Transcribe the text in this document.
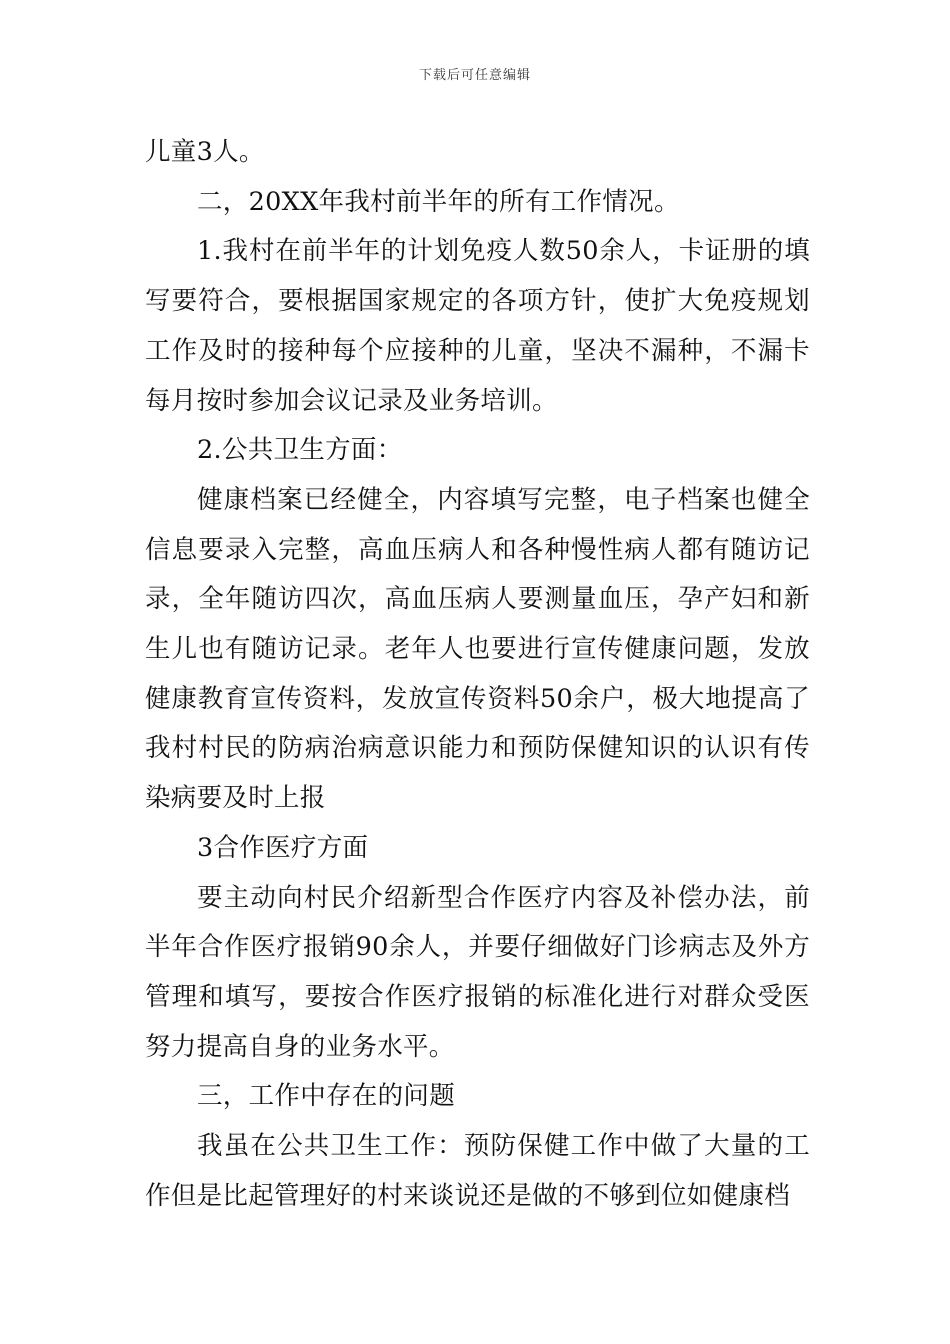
下载后可任意编辑

儿童3人。

二，20XX年我村前半年的所有工作情况。

1.我村在前半年的计划免疫人数50余人，卡证册的填写要符合，要根据国家规定的各项方针，使扩大免疫规划工作及时的接种每个应接种的儿童，坚决不漏种，不漏卡每月按时参加会议记录及业务培训。

2.公共卫生方面：

健康档案已经健全，内容填写完整，电子档案也健全信息要录入完整，高血压病人和各种慢性病人都有随访记录，全年随访四次，高血压病人要测量血压，孕产妇和新生儿也有随访记录。老年人也要进行宣传健康问题，发放健康教育宣传资料，发放宣传资料50余户，极大地提高了我村村民的防病治病意识能力和预防保健知识的认识有传染病要及时上报

3合作医疗方面

要主动向村民介绍新型合作医疗内容及补偿办法，前半年合作医疗报销90余人，并要仔细做好门诊病志及外方管理和填写，要按合作医疗报销的标准化进行对群众受医努力提高自身的业务水平。

三，工作中存在的问题

我虽在公共卫生工作：预防保健工作中做了大量的工作但是比起管理好的村来谈说还是做的不够到位如健康档
